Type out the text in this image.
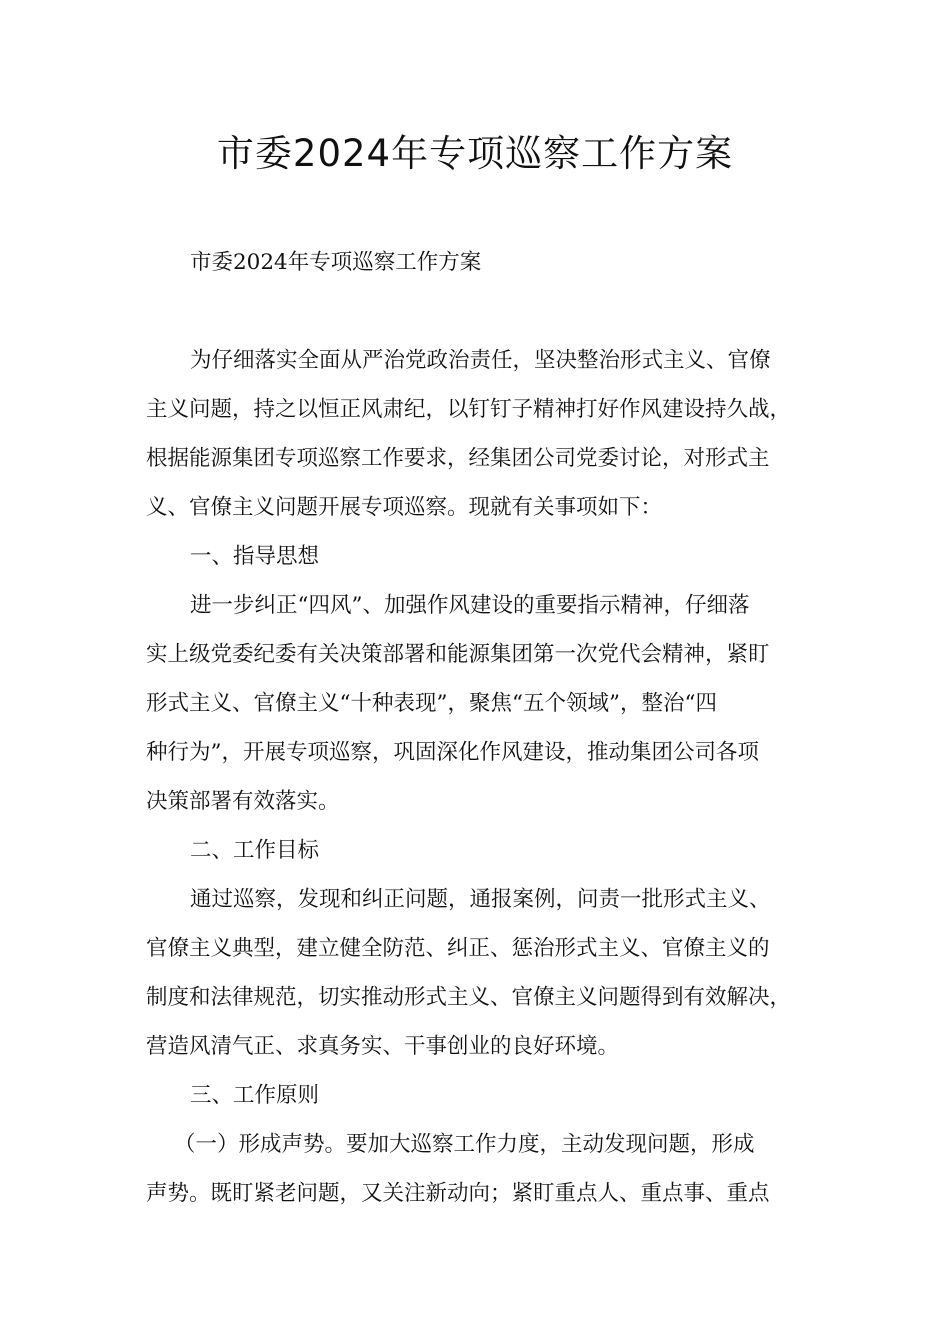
市委2024年专项巡察工作方案
市委2024年专项巡察工作方案
为仔细落实全面从严治党政治责任，坚决整治形式主义、官僚
主义问题，持之以恒正风肃纪，以钉钉子精神打好作风建设持久战，
根据能源集团专项巡察工作要求，经集团公司党委讨论，对形式主
义、官僚主义问题开展专项巡察。现就有关事项如下：
一、指导思想
进一步纠正“四风”、加强作风建设的重要指示精神，仔细落
实上级党委纪委有关决策部署和能源集团第一次党代会精神，紧盯
形式主义、官僚主义“十种表现”，聚焦“五个领域”，整治“四
种行为”，开展专项巡察，巩固深化作风建设，推动集团公司各项
决策部署有效落实。
二、工作目标
通过巡察，发现和纠正问题，通报案例，问责一批形式主义、
官僚主义典型，建立健全防范、纠正、惩治形式主义、官僚主义的
制度和法律规范，切实推动形式主义、官僚主义问题得到有效解决，
营造风清气正、求真务实、干事创业的良好环境。
三、工作原则
（一）形成声势。要加大巡察工作力度，主动发现问题，形成
声势。既盯紧老问题，又关注新动向；紧盯重点人、重点事、重点
